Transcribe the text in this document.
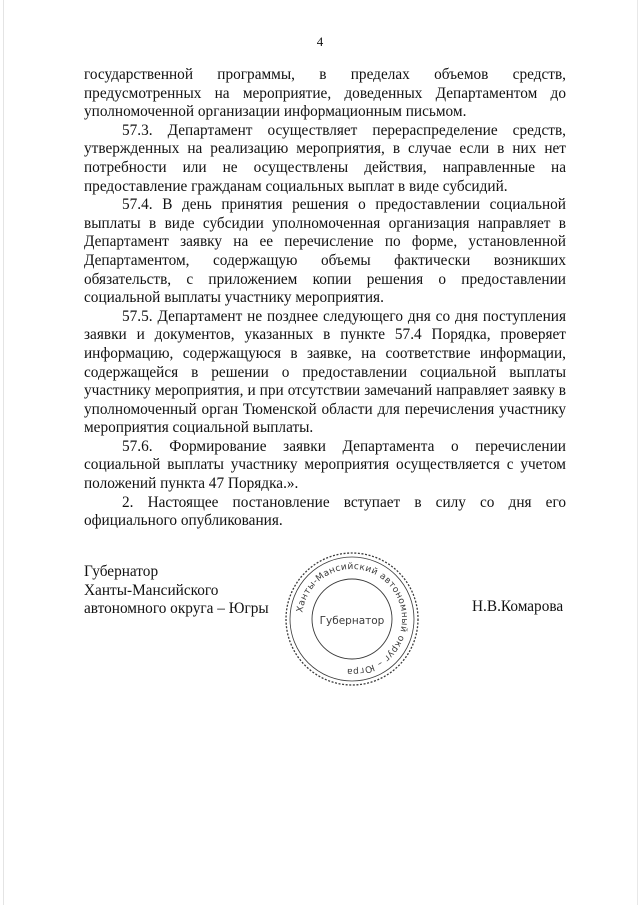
4

государственной программы, в пределах объемов средств, предусмотренных на мероприятие, доведенных Департаментом до уполномоченной организации информационным письмом.

57.3. Департамент осуществляет перераспределение средств, утвержденных на реализацию мероприятия, в случае если в них нет потребности или не осуществлены действия, направленные на предоставление гражданам социальных выплат в виде субсидий.

57.4. В день принятия решения о предоставлении социальной выплаты в виде субсидии уполномоченная организация направляет в Департамент заявку на ее перечисление по форме, установленной Департаментом, содержащую объемы фактически возникших обязательств, с приложением копии решения о предоставлении социальной выплаты участнику мероприятия.

57.5. Департамент не позднее следующего дня со дня поступления заявки и документов, указанных в пункте 57.4 Порядка, проверяет информацию, содержащуюся в заявке, на соответствие информации, содержащейся в решении о предоставлении социальной выплаты участнику мероприятия, и при отсутствии замечаний направляет заявку в уполномоченный орган Тюменской области для перечисления участнику мероприятия социальной выплаты.

57.6. Формирование заявки Департамента о перечислении социальной выплаты участнику мероприятия осуществляется с учетом положений пункта 47 Порядка.».

2. Настоящее постановление вступает в силу со дня его официального опубликования.

Губернатор
Ханты-Мансийского
автономного округа – Югры	Ханты-Мансийский автономный округ – Югра
Губернатор
Н.В.Комарова
